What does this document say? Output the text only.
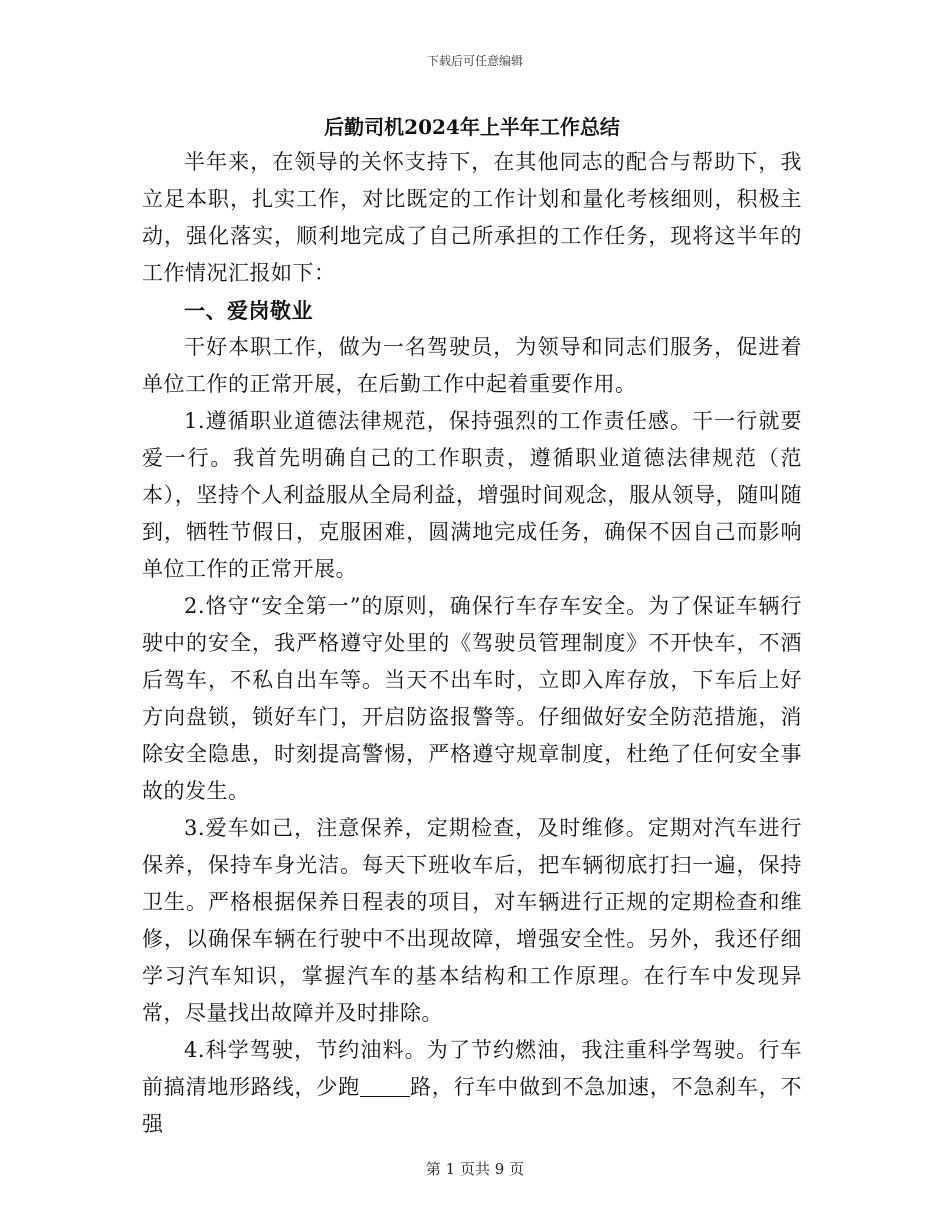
下载后可任意编辑
后勤司机2024年上半年工作总结

半年来，在领导的关怀支持下，在其他同志的配合与帮助下，我立足本职，扎实工作，对比既定的工作计划和量化考核细则，积极主动，强化落实，顺利地完成了自己所承担的工作任务，现将这半年的工作情况汇报如下：

一、爱岗敬业

干好本职工作，做为一名驾驶员，为领导和同志们服务，促进着单位工作的正常开展，在后勤工作中起着重要作用。

1.遵循职业道德法律规范，保持强烈的工作责任感。干一行就要爱一行。我首先明确自己的工作职责，遵循职业道德法律规范（范本），坚持个人利益服从全局利益，增强时间观念，服从领导，随叫随到，牺牲节假日，克服困难，圆满地完成任务，确保不因自己而影响单位工作的正常开展。

2.恪守“安全第一”的原则，确保行车存车安全。为了保证车辆行驶中的安全，我严格遵守处里的《驾驶员管理制度》不开快车，不酒后驾车，不私自出车等。当天不出车时，立即入库存放，下车后上好方向盘锁，锁好车门，开启防盗报警等。仔细做好安全防范措施，消除安全隐患，时刻提高警惕，严格遵守规章制度，杜绝了任何安全事故的发生。

3.爱车如己，注意保养，定期检查，及时维修。定期对汽车进行保养，保持车身光洁。每天下班收车后，把车辆彻底打扫一遍，保持卫生。严格根据保养日程表的项目，对车辆进行正规的定期检查和维修，以确保车辆在行驶中不出现故障，增强安全性。另外，我还仔细学习汽车知识，掌握汽车的基本结构和工作原理。在行车中发现异常，尽量找出故障并及时排除。

4.科学驾驶，节约油料。为了节约燃油，我注重科学驾驶。行车前搞清地形路线，少跑 路，行车中做到不急加速，不急刹车，不强

第 1 页共 9 页
